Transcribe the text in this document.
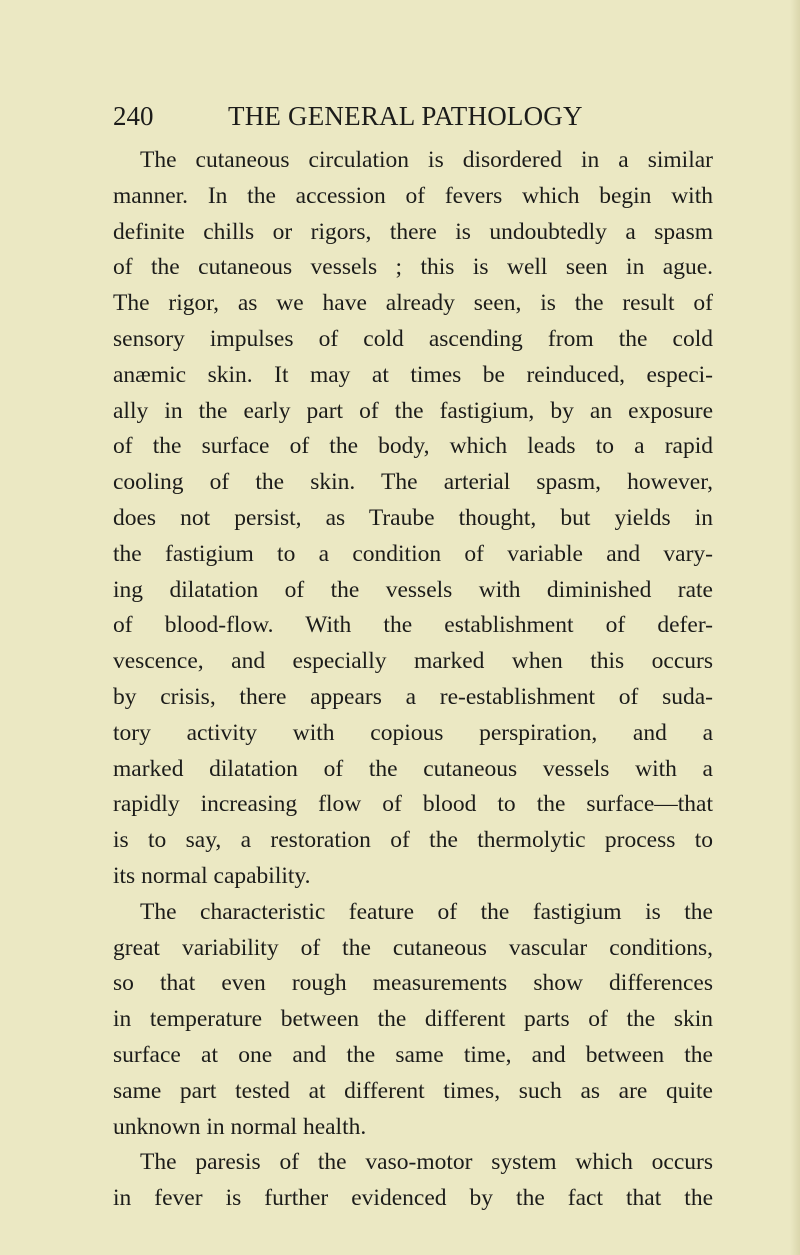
240	THE GENERAL PATHOLOGY

The cutaneous circulation is disordered in a similar
manner. In the accession of fevers which begin with
definite chills or rigors, there is undoubtedly a spasm
of the cutaneous vessels ; this is well seen in ague.
The rigor, as we have already seen, is the result of
sensory impulses of cold ascending from the cold
anæmic skin. It may at times be reinduced, especi-
ally in the early part of the fastigium, by an exposure
of the surface of the body, which leads to a rapid
cooling of the skin. The arterial spasm, however,
does not persist, as Traube thought, but yields in
the fastigium to a condition of variable and vary-
ing dilatation of the vessels with diminished rate
of blood-flow. With the establishment of defer-
vescence, and especially marked when this occurs
by crisis, there appears a re-establishment of suda-
tory activity with copious perspiration, and a
marked dilatation of the cutaneous vessels with a
rapidly increasing flow of blood to the surface—that
is to say, a restoration of the thermolytic process to
its normal capability.

The characteristic feature of the fastigium is the
great variability of the cutaneous vascular conditions,
so that even rough measurements show differences
in temperature between the different parts of the skin
surface at one and the same time, and between the
same part tested at different times, such as are quite
unknown in normal health.

The paresis of the vaso-motor system which occurs
in fever is further evidenced by the fact that the
